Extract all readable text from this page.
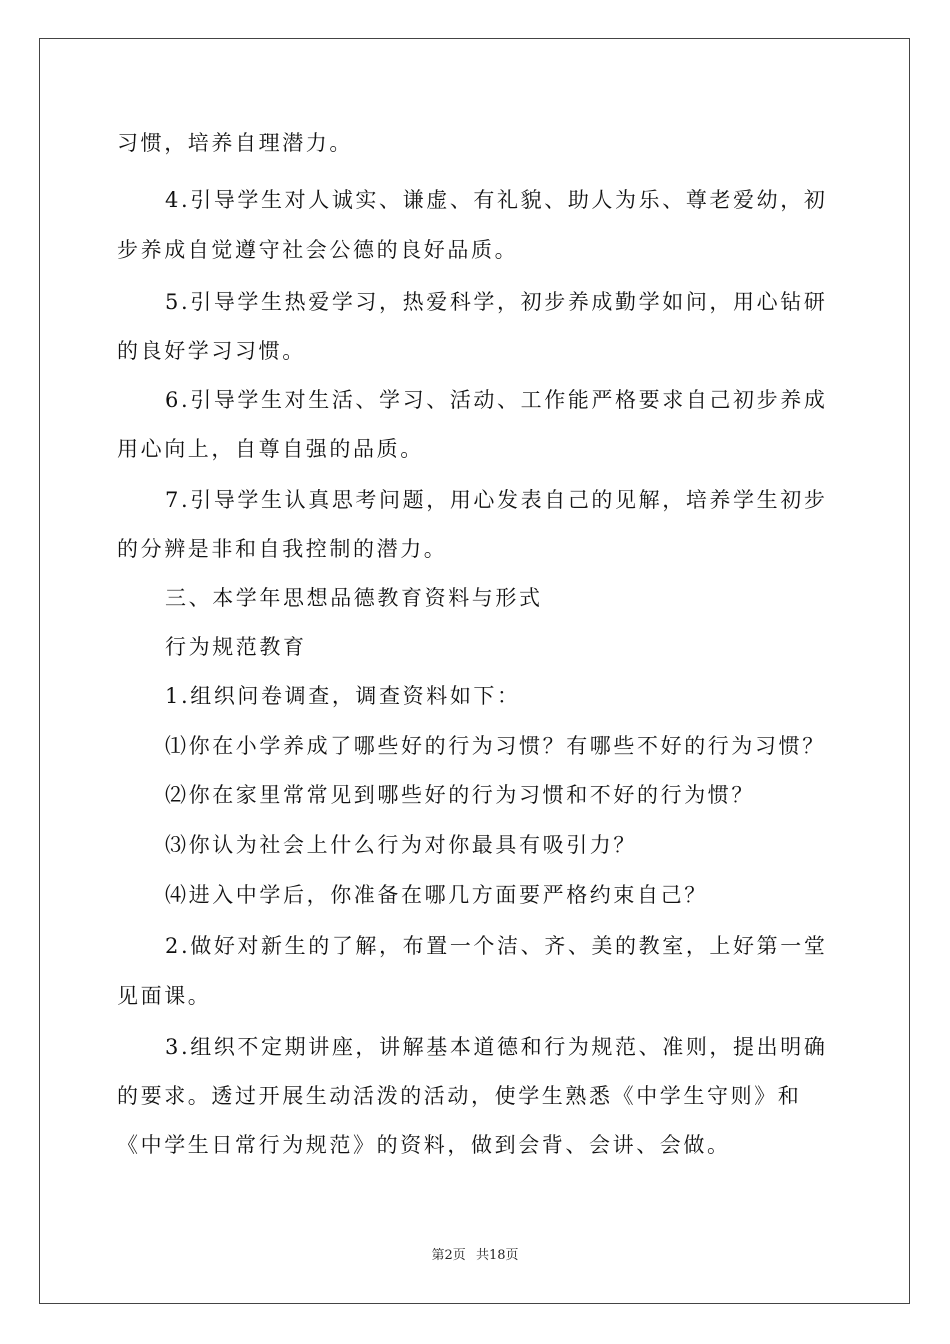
习惯，培养自理潜力。
4.引导学生对人诚实、谦虚、有礼貌、助人为乐、尊老爱幼，初
步养成自觉遵守社会公德的良好品质。
5.引导学生热爱学习，热爱科学，初步养成勤学如问，用心钻研
的良好学习习惯。
6.引导学生对生活、学习、活动、工作能严格要求自己初步养成
用心向上，自尊自强的品质。
7.引导学生认真思考问题，用心发表自己的见解，培养学生初步
的分辨是非和自我控制的潜力。
三、本学年思想品德教育资料与形式
行为规范教育
1.组织问卷调查，调查资料如下：
⑴你在小学养成了哪些好的行为习惯？有哪些不好的行为习惯？
⑵你在家里常常见到哪些好的行为习惯和不好的行为惯？
⑶你认为社会上什么行为对你最具有吸引力？
⑷进入中学后，你准备在哪几方面要严格约束自己？
2.做好对新生的了解，布置一个洁、齐、美的教室，上好第一堂
见面课。
3.组织不定期讲座，讲解基本道德和行为规范、准则，提出明确
的要求。透过开展生动活泼的活动，使学生熟悉《中学生守则》和
《中学生日常行为规范》的资料，做到会背、会讲、会做。
第2页 共18页
